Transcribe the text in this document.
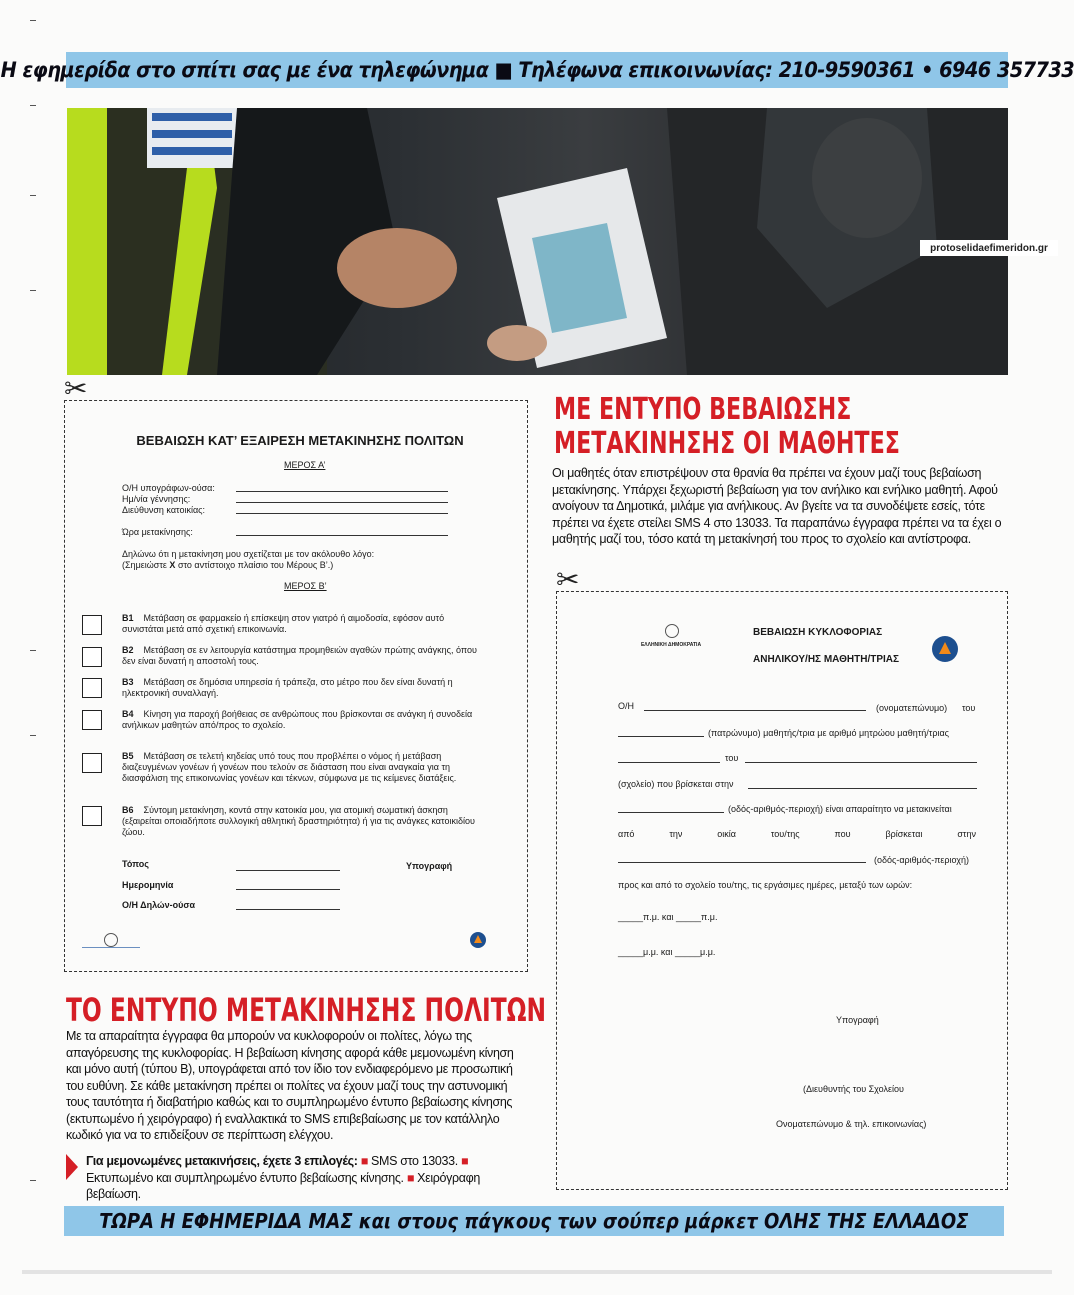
Η εφημερίδα στο σπίτι σας με ένα τηλεφώνημα ■ Τηλέφωνα επικοινωνίας: 210-9590361 • 6946 357733
protoselidaefimeridon.gr
✂
ΒΕΒΑΙΩΣΗ ΚΑΤ’ ΕΞΑΙΡΕΣΗ ΜΕΤΑΚΙΝΗΣΗΣ ΠΟΛΙΤΩΝ
ΜΕΡΟΣ Α’
Ο/Η υπογράφων-ούσα:
Ημ/νία γέννησης:
Διεύθυνση κατοικίας:
Ώρα μετακίνησης:
Δηλώνω ότι η μετακίνηση μου σχετίζεται με τον ακόλουθο λόγο:
(Σημειώστε Χ στο αντίστοιχο πλαίσιο του Μέρους Β’.)
ΜΕΡΟΣ Β’
Β1 Μετάβαση σε φαρμακείο ή επίσκεψη στον γιατρό ή αιμοδοσία, εφόσον αυτό συνιστάται μετά από σχετική επικοινωνία.
Β2 Μετάβαση σε εν λειτουργία κατάστημα προμηθειών αγαθών πρώτης ανάγκης, όπου δεν είναι δυνατή η αποστολή τους.
Β3 Μετάβαση σε δημόσια υπηρεσία ή τράπεζα, στο μέτρο που δεν είναι δυνατή η ηλεκτρονική συναλλαγή.
Β4 Κίνηση για παροχή βοήθειας σε ανθρώπους που βρίσκονται σε ανάγκη ή συνοδεία ανήλικων μαθητών από/προς το σχολείο.
Β5 Μετάβαση σε τελετή κηδείας υπό τους που προβλέπει ο νόμος ή μετάβαση διαζευγμένων γονέων ή γονέων που τελούν σε διάσταση που είναι αναγκαία για τη διασφάλιση της επικοινωνίας γονέων και τέκνων, σύμφωνα με τις κείμενες διατάξεις.
Β6 Σύντομη μετακίνηση, κοντά στην κατοικία μου, για ατομική σωματική άσκηση (εξαιρείται οποιαδήποτε συλλογική αθλητική δραστηριότητα) ή για τις ανάγκες κατοικιδίου ζώου.
Τόπος	Υπογραφή
Ημερομηνία
Ο/Η Δηλών-ούσα
ΜΕ ΕΝΤΥΠΟ ΒΕΒΑΙΩΣΗΣ
ΜΕΤΑΚΙΝΗΣΗΣ ΟΙ ΜΑΘΗΤΕΣ
Οι μαθητές όταν επιστρέψουν στα θρανία θα πρέπει να έχουν μαζί τους βεβαίωση μετακίνησης. Υπάρχει ξεχωριστή βεβαίωση για τον ανήλικο και ενήλικο μαθητή. Αφού ανοίγουν τα Δημοτικά, μιλάμε για ανήλικους. Αν βγείτε να τα συνοδέψετε εσείς, τότε πρέπει να έχετε στείλει SMS 4 στο 13033. Τα παραπάνω έγγραφα πρέπει να τα έχει ο μαθητής μαζί του, τόσο κατά τη μετακίνησή του προς το σχολείο και αντίστροφα.
✂
ΕΛΛΗΝΙΚΗ ΔΗΜΟΚΡΑΤΙΑ
ΒΕΒΑΙΩΣΗ ΚΥΚΛΟΦΟΡΙΑΣ
ΑΝΗΛΙΚΟΥ/ΗΣ ΜΑΘΗΤΗ/ΤΡΙΑΣ
Ο/Η	(ονοματεπώνυμο) του
(πατρώνυμο) μαθητής/τρια με αριθμό μητρώου μαθητή/τριας
του
(σχολείο) που βρίσκεται στην
(οδός-αριθμός-περιοχή) είναι απαραίτητο να μετακινείται
από	την	οικία	του/της	που	βρίσκεται	στην
(οδός-αριθμός-περιοχή)
προς και από το σχολείο του/της, τις εργάσιμες ημέρες, μεταξύ των ωρών:
_____π.μ. και _____π.μ.
_____μ.μ. και _____μ.μ.
Υπογραφή
(Διευθυντής του Σχολείου
Ονοματεπώνυμο & τηλ. επικοινωνίας)
ΤΟ ΕΝΤΥΠΟ ΜΕΤΑΚΙΝΗΣΗΣ ΠΟΛΙΤΩΝ
Με τα απαραίτητα έγγραφα θα μπορούν να κυκλοφορούν οι πολίτες, λόγω της απαγόρευσης της κυκλοφορίας. Η βεβαίωση κίνησης αφορά κάθε μεμονωμένη κίνηση και μόνο αυτή (τύπου Β), υπογράφεται από τον ίδιο τον ενδιαφερόμενο με προσωπική του ευθύνη. Σε κάθε μετακίνηση πρέπει οι πολίτες να έχουν μαζί τους την αστυνομική τους ταυτότητα ή διαβατήριο καθώς και το συμπληρωμένο έντυπο βεβαίωσης κίνησης (εκτυπωμένο ή χειρόγραφο) ή εναλλακτικά το SMS επιβεβαίωσης με τον κατάλληλο κωδικό για να το επιδείξουν σε περίπτωση ελέγχου.
Για μεμονωμένες μετακινήσεις, έχετε 3 επιλογές: ■ SMS στο 13033. ■ Εκτυπωμένο και συμπληρωμένο έντυπο βεβαίωσης κίνησης. ■ Χειρόγραφη βεβαίωση.
ΤΩΡΑ Η ΕΦΗΜΕΡΙΔΑ ΜΑΣ και στους πάγκους των σούπερ μάρκετ ΟΛΗΣ ΤΗΣ ΕΛΛΑΔΟΣ
